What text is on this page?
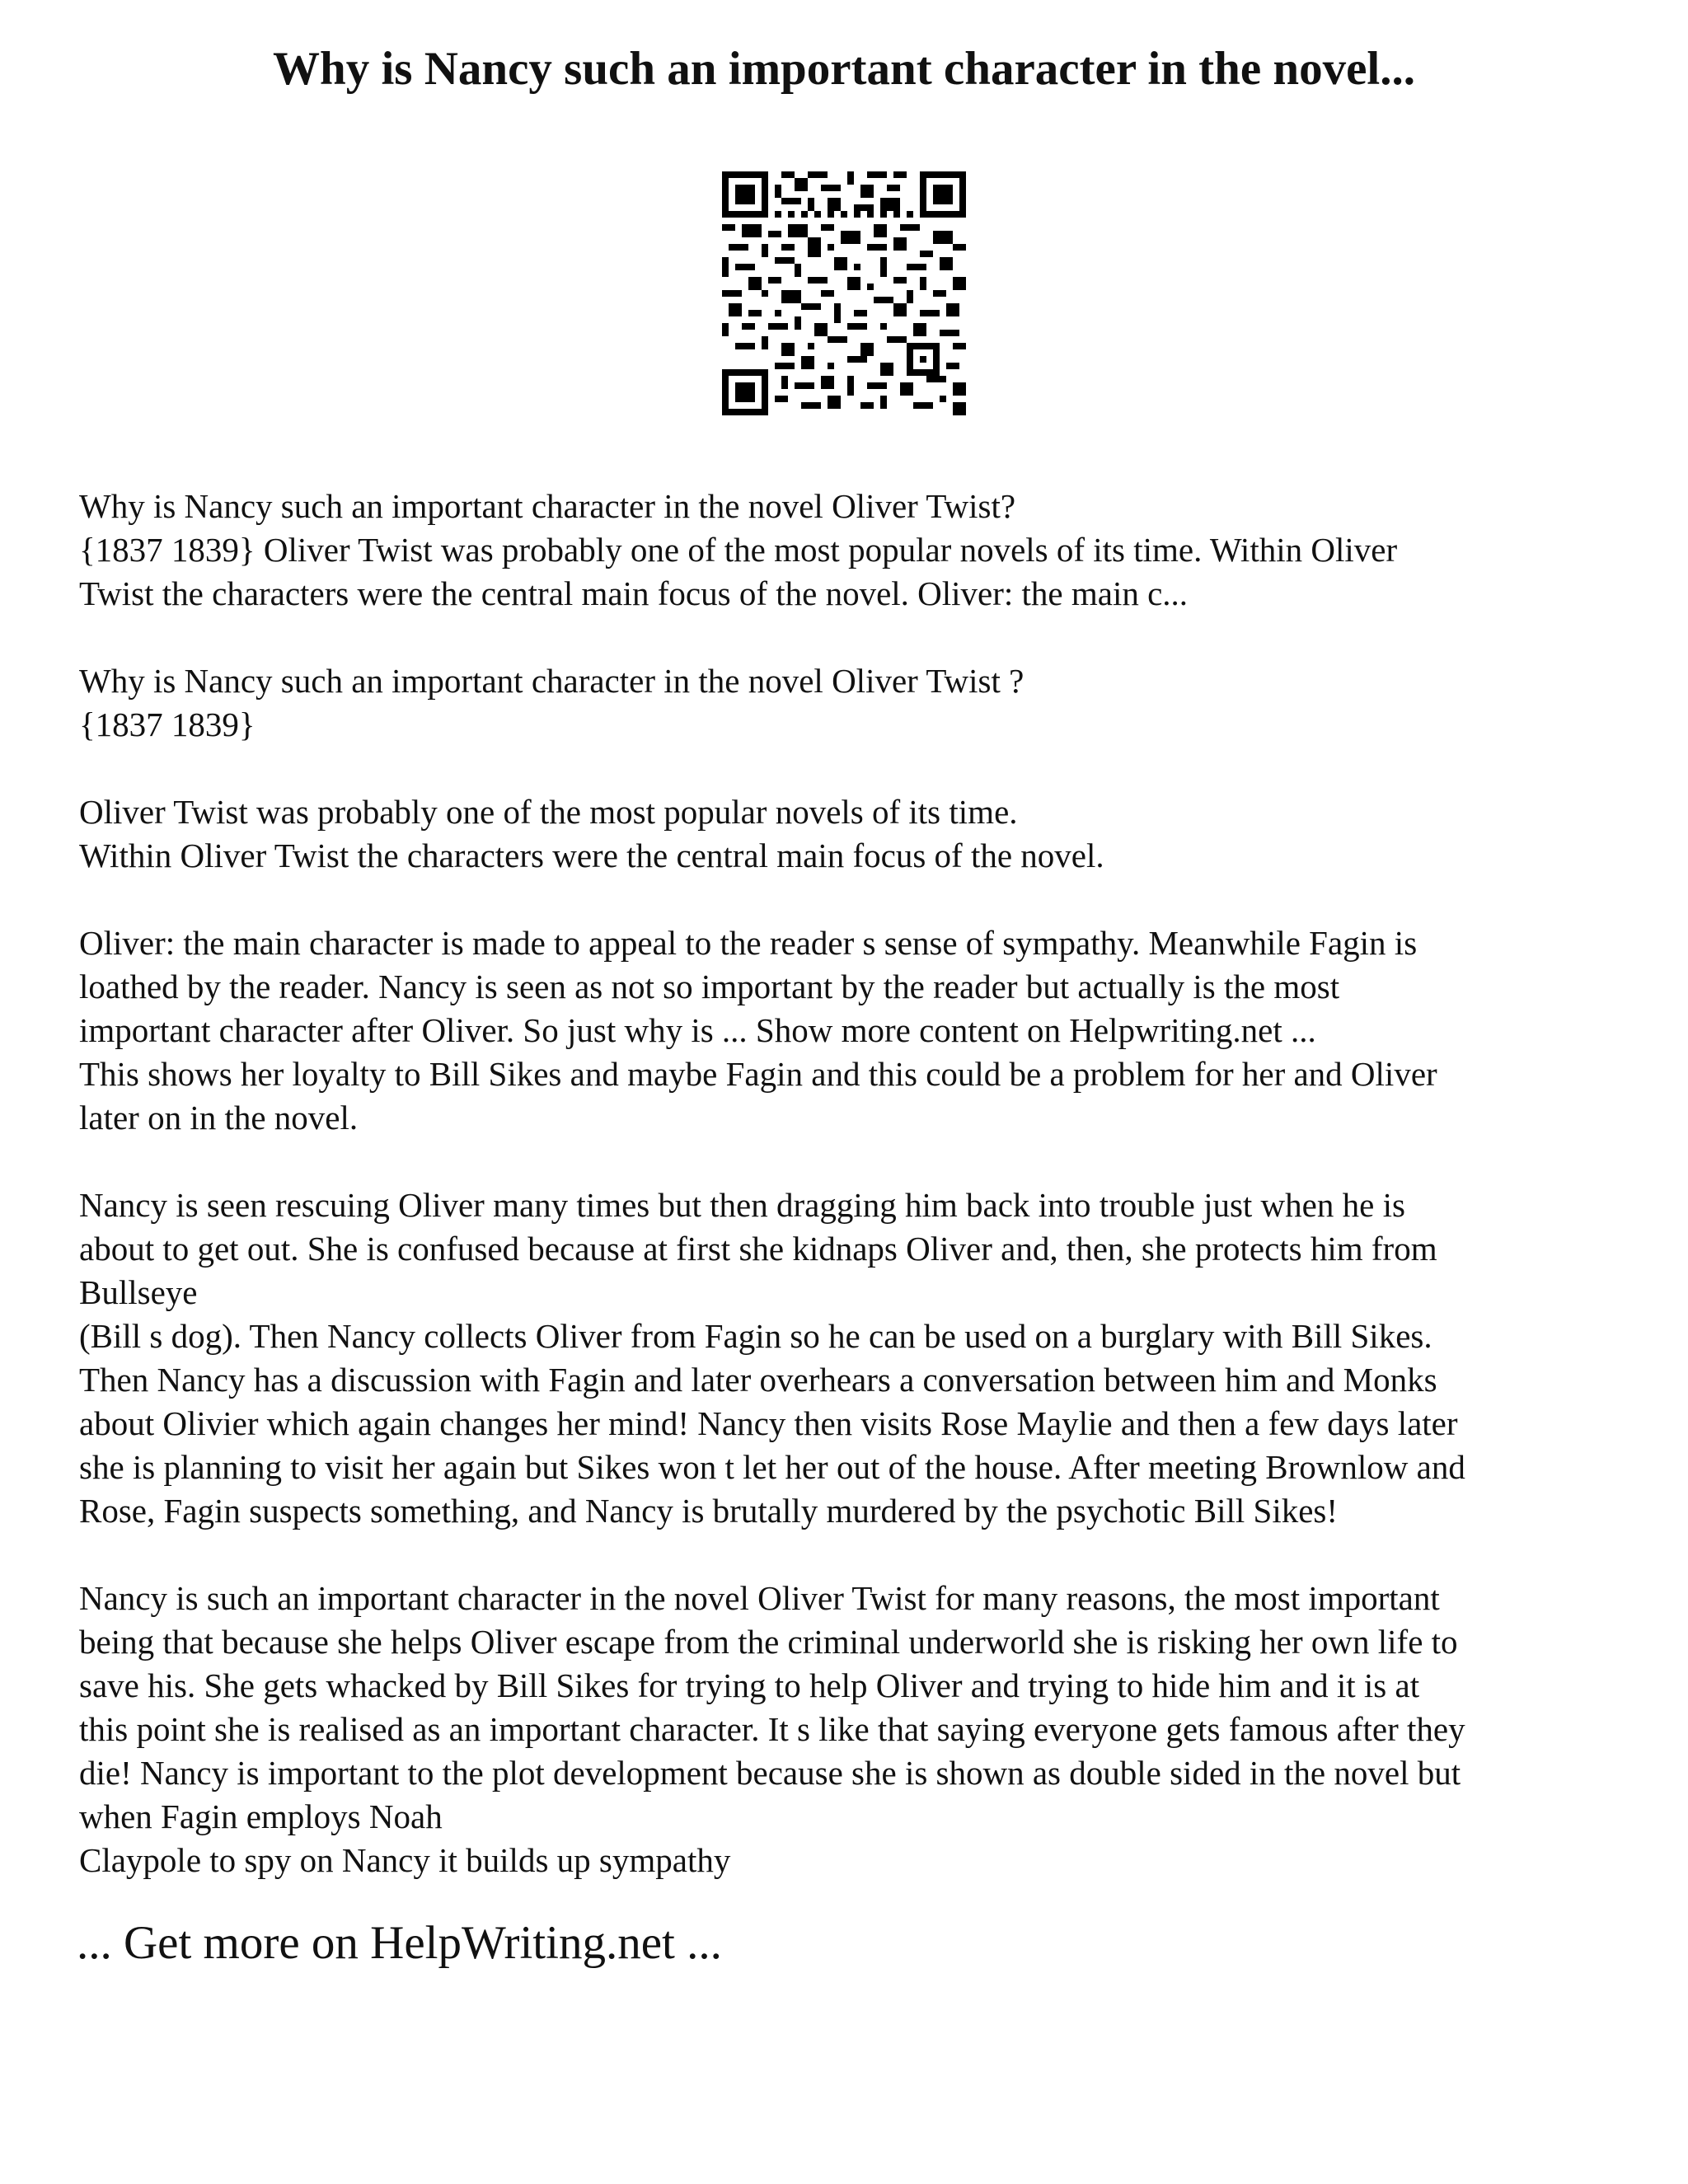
Why is Nancy such an important character in the novel...

Why is Nancy such an important character in the novel Oliver Twist?

{1837 1839} Oliver Twist was probably one of the most popular novels of its time. Within Oliver

Twist the characters were the central main focus of the novel. Oliver: the main c...

Why is Nancy such an important character in the novel Oliver Twist ?

{1837 1839}

Oliver Twist was probably one of the most popular novels of its time.

Within Oliver Twist the characters were the central main focus of the novel.

Oliver: the main character is made to appeal to the reader s sense of sympathy. Meanwhile Fagin is

loathed by the reader. Nancy is seen as not so important by the reader but actually is the most

important character after Oliver. So just why is ... Show more content on Helpwriting.net ...

This shows her loyalty to Bill Sikes and maybe Fagin and this could be a problem for her and Oliver

later on in the novel.

Nancy is seen rescuing Oliver many times but then dragging him back into trouble just when he is

about to get out. She is confused because at first she kidnaps Oliver and, then, she protects him from

Bullseye

(Bill s dog). Then Nancy collects Oliver from Fagin so he can be used on a burglary with Bill Sikes.

Then Nancy has a discussion with Fagin and later overhears a conversation between him and Monks

about Olivier which again changes her mind! Nancy then visits Rose Maylie and then a few days later

she is planning to visit her again but Sikes won t let her out of the house. After meeting Brownlow and

Rose, Fagin suspects something, and Nancy is brutally murdered by the psychotic Bill Sikes!

Nancy is such an important character in the novel Oliver Twist for many reasons, the most important

being that because she helps Oliver escape from the criminal underworld she is risking her own life to

save his. She gets whacked by Bill Sikes for trying to help Oliver and trying to hide him and it is at

this point she is realised as an important character. It s like that saying everyone gets famous after they

die! Nancy is important to the plot development because she is shown as double sided in the novel but

when Fagin employs Noah

Claypole to spy on Nancy it builds up sympathy

... Get more on HelpWriting.net ...
